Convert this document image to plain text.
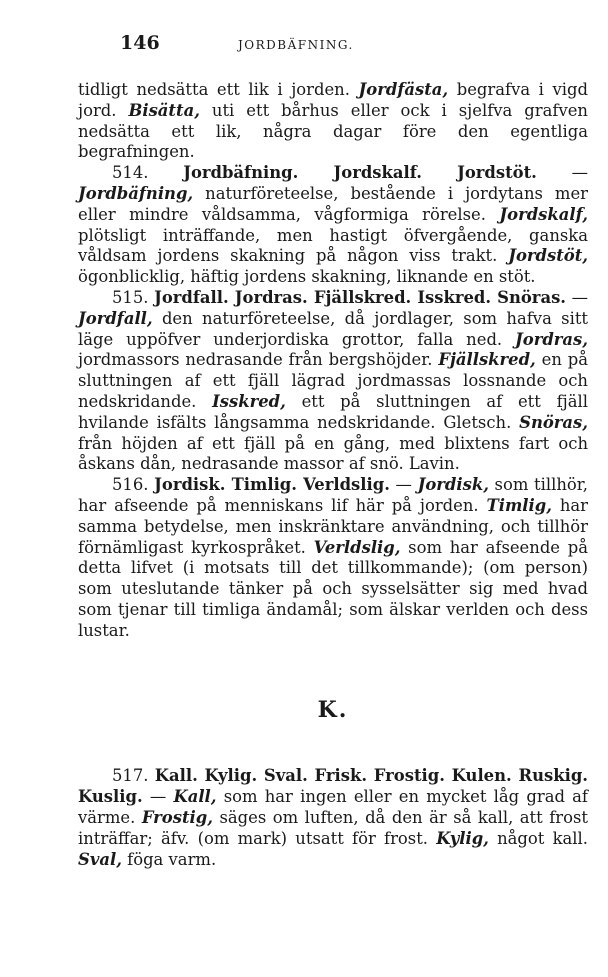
146	JORDBÄFNING.

tidligt nedsätta ett lik i jorden. Jordfästa, begrafva i vigd jord. Bisätta, uti ett bårhus eller ock i sjelfva grafven nedsätta ett lik, några dagar före den egentliga begrafningen.

514. Jordbäfning. Jordskalf. Jordstöt. — Jordbäfning, naturföreteelse, bestående i jordytans mer eller mindre våldsamma, vågformiga rörelse. Jordskalf, plötsligt inträffande, men hastigt öfvergående, ganska våldsam jordens skakning på någon viss trakt. Jordstöt, ögonblicklig, häftig jordens skakning, liknande en stöt.

515. Jordfall. Jordras. Fjällskred. Isskred. Snöras. — Jordfall, den naturföreteelse, då jordlager, som hafva sitt läge uppöfver underjordiska grottor, falla ned. Jordras, jordmassors nedrasande från bergshöjder. Fjällskred, en på sluttningen af ett fjäll lägrad jordmassas lossnande och nedskridande. Isskred, ett på sluttningen af ett fjäll hvilande isfälts långsamma nedskridande. Gletsch. Snöras, från höjden af ett fjäll på en gång, med blixtens fart och åskans dån, nedrasande massor af snö. Lavin.

516. Jordisk. Timlig. Verldslig. — Jordisk, som tillhör, har afseende på menniskans lif här på jorden. Timlig, har samma betydelse, men inskränktare användning, och tillhör förnämligast kyrkospråket. Verldslig, som har afseende på detta lifvet (i motsats till det tillkommande); (om person) som uteslutande tänker på och sysselsätter sig med hvad som tjenar till timliga ändamål; som älskar verlden och dess lustar.

K.

517. Kall. Kylig. Sval. Frisk. Frostig. Kulen. Ruskig. Kuslig. — Kall, som har ingen eller en mycket låg grad af värme. Frostig, säges om luften, då den är så kall, att frost inträffar; äfv. (om mark) utsatt för frost. Kylig, något kall. Sval, föga varm.
